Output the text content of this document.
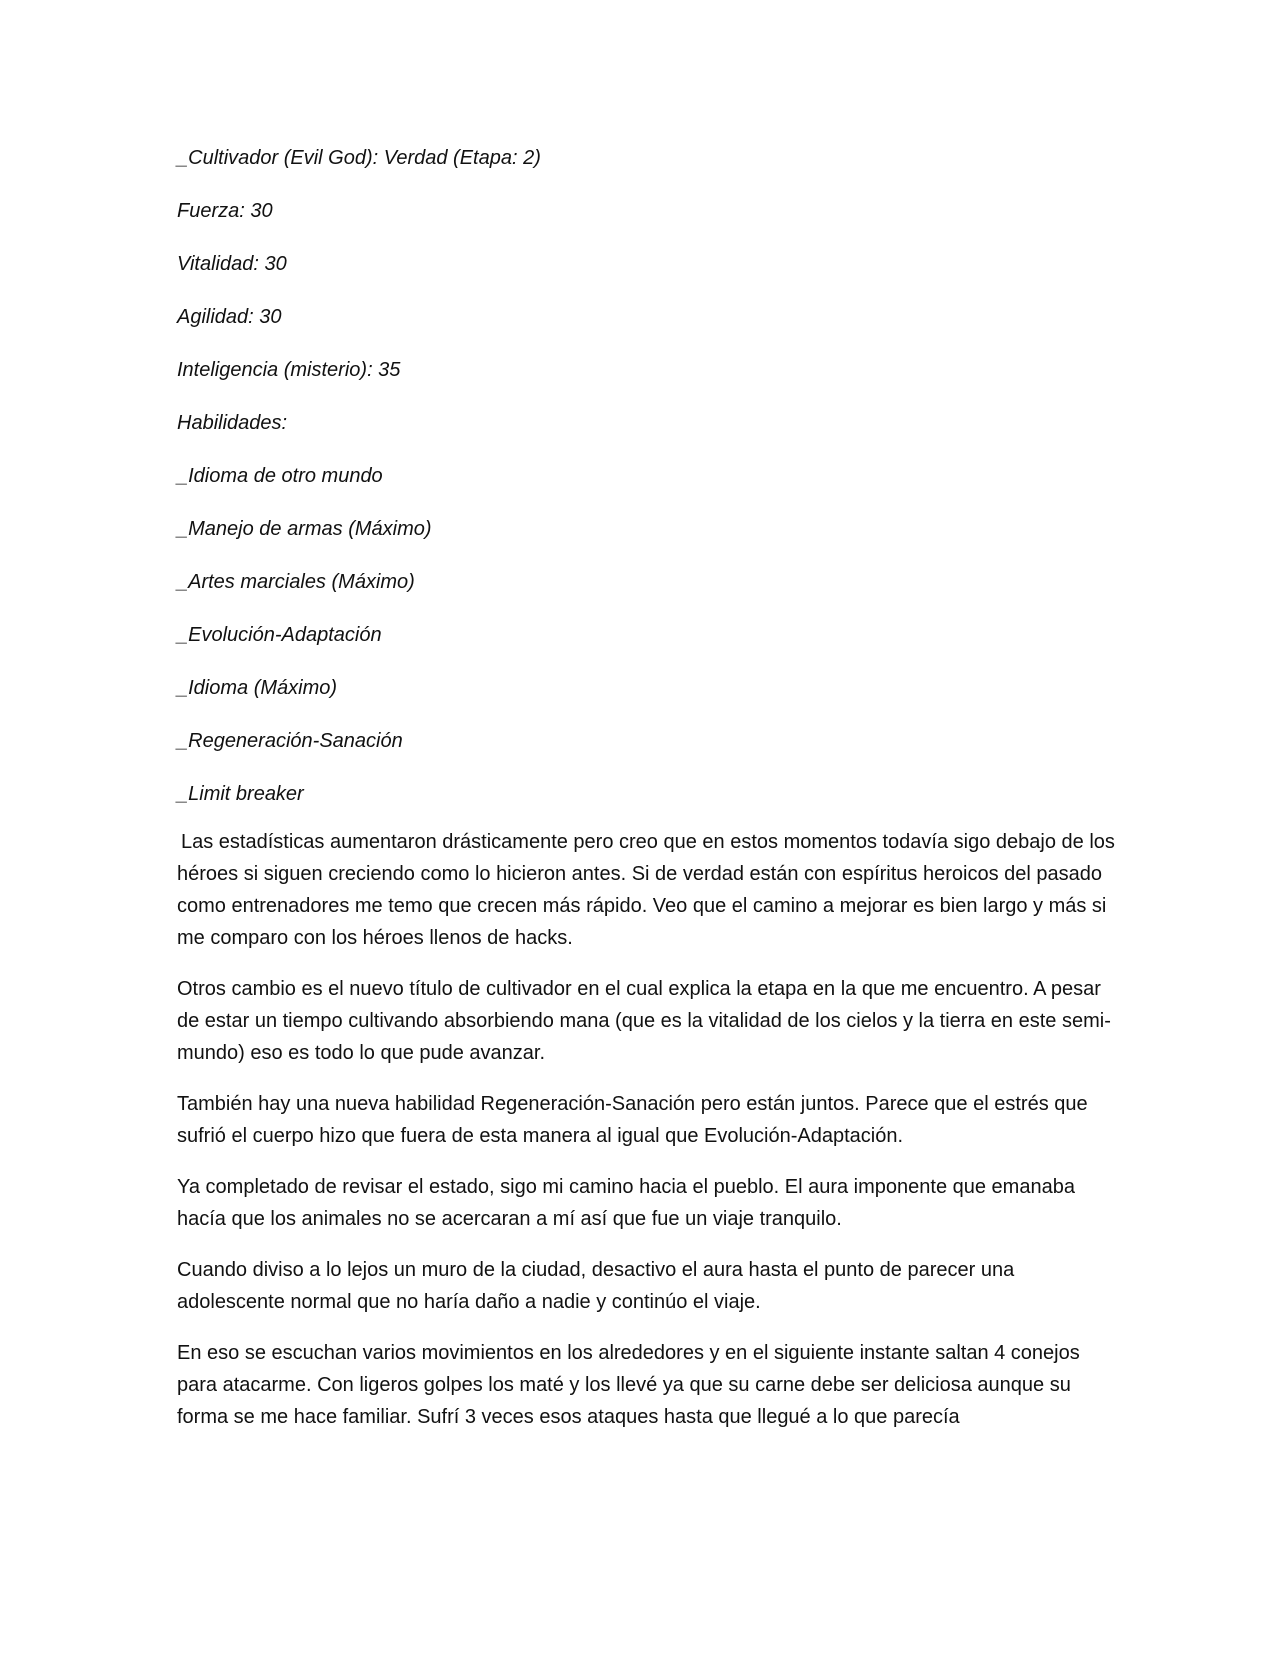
_Cultivador (Evil God): Verdad (Etapa: 2)
Fuerza: 30
Vitalidad: 30
Agilidad: 30
Inteligencia (misterio): 35
Habilidades:
_Idioma de otro mundo
_Manejo de armas (Máximo)
_Artes marciales (Máximo)
_Evolución-Adaptación
_Idioma (Máximo)
_Regeneración-Sanación
_Limit breaker

Las estadísticas aumentaron drásticamente pero creo que en estos momentos todavía sigo debajo de los héroes si siguen creciendo como lo hicieron antes. Si de verdad están con espíritus heroicos del pasado como entrenadores me temo que crecen más rápido. Veo que el camino a mejorar es bien largo y más si me comparo con los héroes llenos de hacks.

Otros cambio es el nuevo título de cultivador en el cual explica la etapa en la que me encuentro. A pesar de estar un tiempo cultivando absorbiendo mana (que es la vitalidad de los cielos y la tierra en este semi-mundo) eso es todo lo que pude avanzar.

También hay una nueva habilidad Regeneración-Sanación pero están juntos. Parece que el estrés que sufrió el cuerpo hizo que fuera de esta manera al igual que Evolución-Adaptación.

Ya completado de revisar el estado, sigo mi camino hacia el pueblo. El aura imponente que emanaba hacía que los animales no se acercaran a mí así que fue un viaje tranquilo.

Cuando diviso a lo lejos un muro de la ciudad, desactivo el aura hasta el punto de parecer una adolescente normal que no haría daño a nadie y continúo el viaje.

En eso se escuchan varios movimientos en los alrededores y en el siguiente instante saltan 4 conejos para atacarme. Con ligeros golpes los maté y los llevé ya que su carne debe ser deliciosa aunque su forma se me hace familiar. Sufrí 3 veces esos ataques hasta que llegué a lo que parecía
